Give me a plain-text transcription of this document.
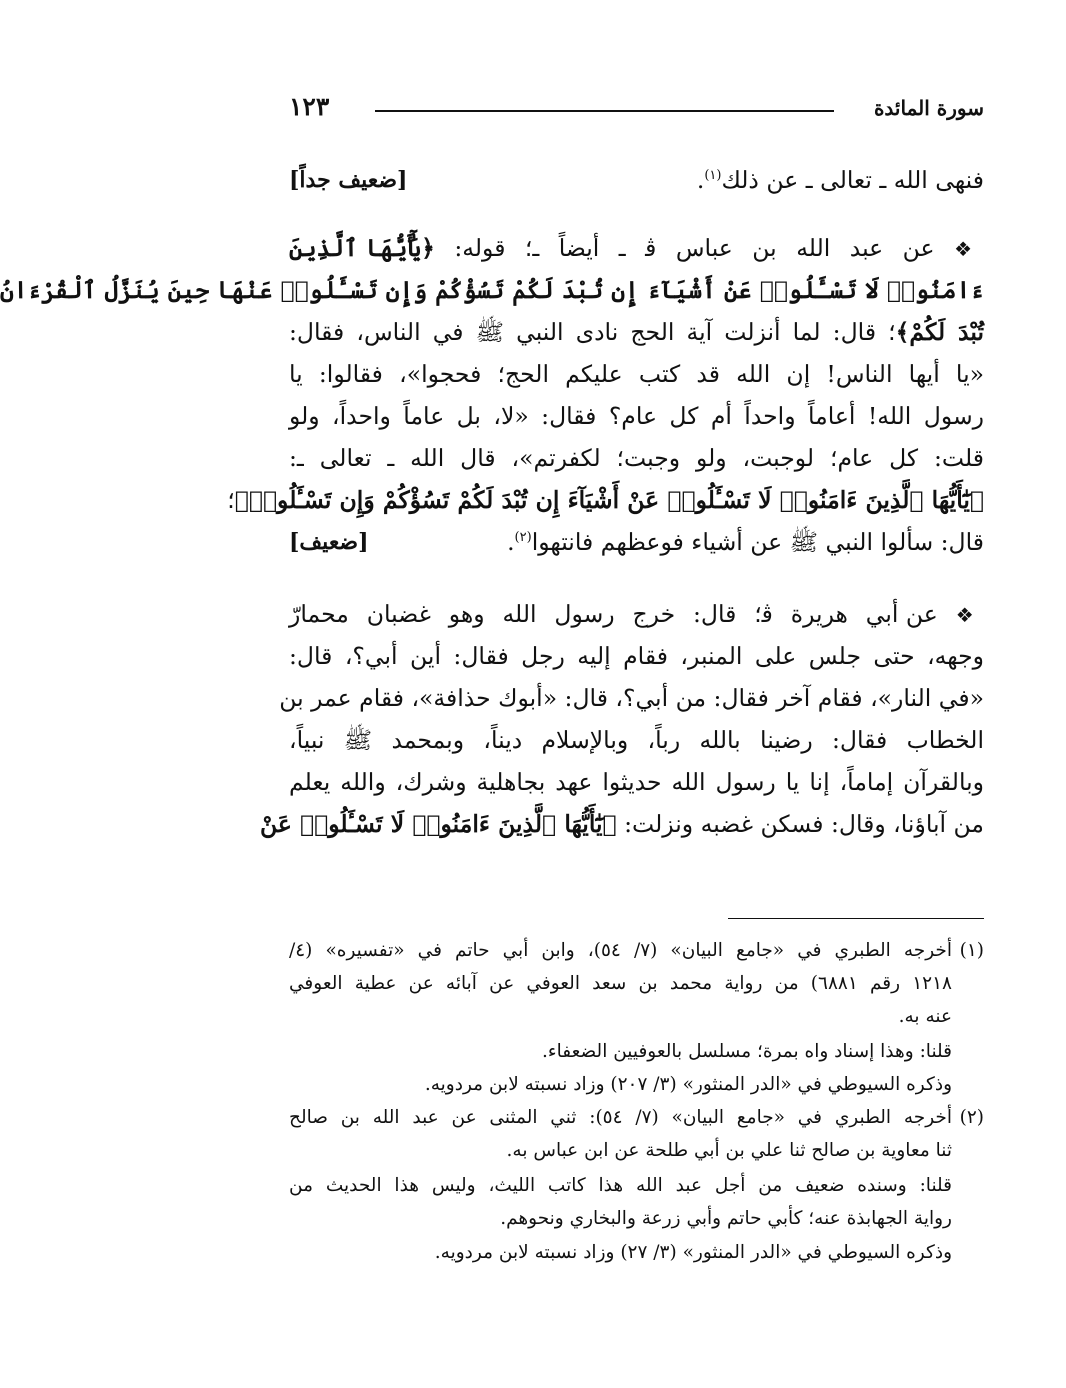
سورة المائدة
١٢٣
فنهى الله ـ تعالى ـ عن ذلك$^{(١)}$.
[ضعيف جداً]
❖ عن عبد الله بن عباس ﭬ ـ أيضاً ـ؛ قوله: ﴿يَٰٓأَيُّهَا ٱلَّذِينَ
ءَامَنُوا۟ لَا تَسْـَٔلُوا۟ عَنْ أَشْيَآءَ إِن تُبْدَ لَكُمْ تَسُؤْكُمْ وَإِن تَسْـَٔلُوا۟ عَنْهَا حِينَ يُنَزَّلُ ٱلْقُرْءَانُ
تُبْدَ لَكُمْ﴾؛ قال: لما أنزلت آية الحج نادى النبي ﷺ في الناس، فقال:
«يا أيها الناس! إن الله قد كتب عليكم الحج؛ فحجوا»، فقالوا: يا
رسول الله! أعاماً واحداً أم كل عام؟ فقال: «لا، بل عاماً واحداً، ولو
قلت: كل عام؛ لوجبت، ولو وجبت؛ لكفرتم»، قال الله ـ تعالى ـ:
﴿يَٰٓأَيُّهَا ٱلَّذِينَ ءَامَنُوا۟ لَا تَسْـَٔلُوا۟ عَنْ أَشْيَآءَ إِن تُبْدَ لَكُمْ تَسُؤْكُمْ وَإِن تَسْـَٔلُوا۟﴾؛
قال: سألوا النبي ﷺ عن أشياء فوعظهم فانتهوا$^{(٢)}$.
[ضعيف]
❖ عن أبي هريرة ﭬ؛ قال: خرج رسول الله وهو غضبان محمارّ
وجهه، حتى جلس على المنبر، فقام إليه رجل فقال: أين أبي؟، قال:
«في النار»، فقام آخر فقال: من أبي؟، قال: «أبوك حذافة»، فقام عمر بن
الخطاب فقال: رضينا بالله رباً، وبالإسلام ديناً، وبمحمد ﷺ نبياً،
وبالقرآن إماماً، إنا يا رسول الله حديثوا عهد بجاهلية وشرك، والله يعلم
من آباؤنا، وقال: فسكن غضبه ونزلت: ﴿يَٰٓأَيُّهَا ٱلَّذِينَ ءَامَنُوا۟ لَا تَسْـَٔلُوا۟ عَنْ
(١)أخرجه الطبري في «جامع البيان» (٧/ ٥٤)، وابن أبي حاتم في «تفسيره» (٤/
١٢١٨ رقم ٦٨٨١) من رواية محمد بن سعد العوفي عن آبائه عن عطية العوفي
عنه به.
قلنا: وهذا إسناد واه بمرة؛ مسلسل بالعوفيين الضعفاء.
وذكره السيوطي في «الدر المنثور» (٣/ ٢٠٧) وزاد نسبته لابن مردويه.
(٢)أخرجه الطبري في «جامع البيان» (٧/ ٥٤): ثني المثنى عن عبد الله بن صالح
ثنا معاوية بن صالح ثنا علي بن أبي طلحة عن ابن عباس به.
قلنا: وسنده ضعيف من أجل عبد الله هذا كاتب الليث، وليس هذا الحديث من
رواية الجهابذة عنه؛ كأبي حاتم وأبي زرعة والبخاري ونحوهم.
وذكره السيوطي في «الدر المنثور» (٣/ ٢٧) وزاد نسبته لابن مردويه.
